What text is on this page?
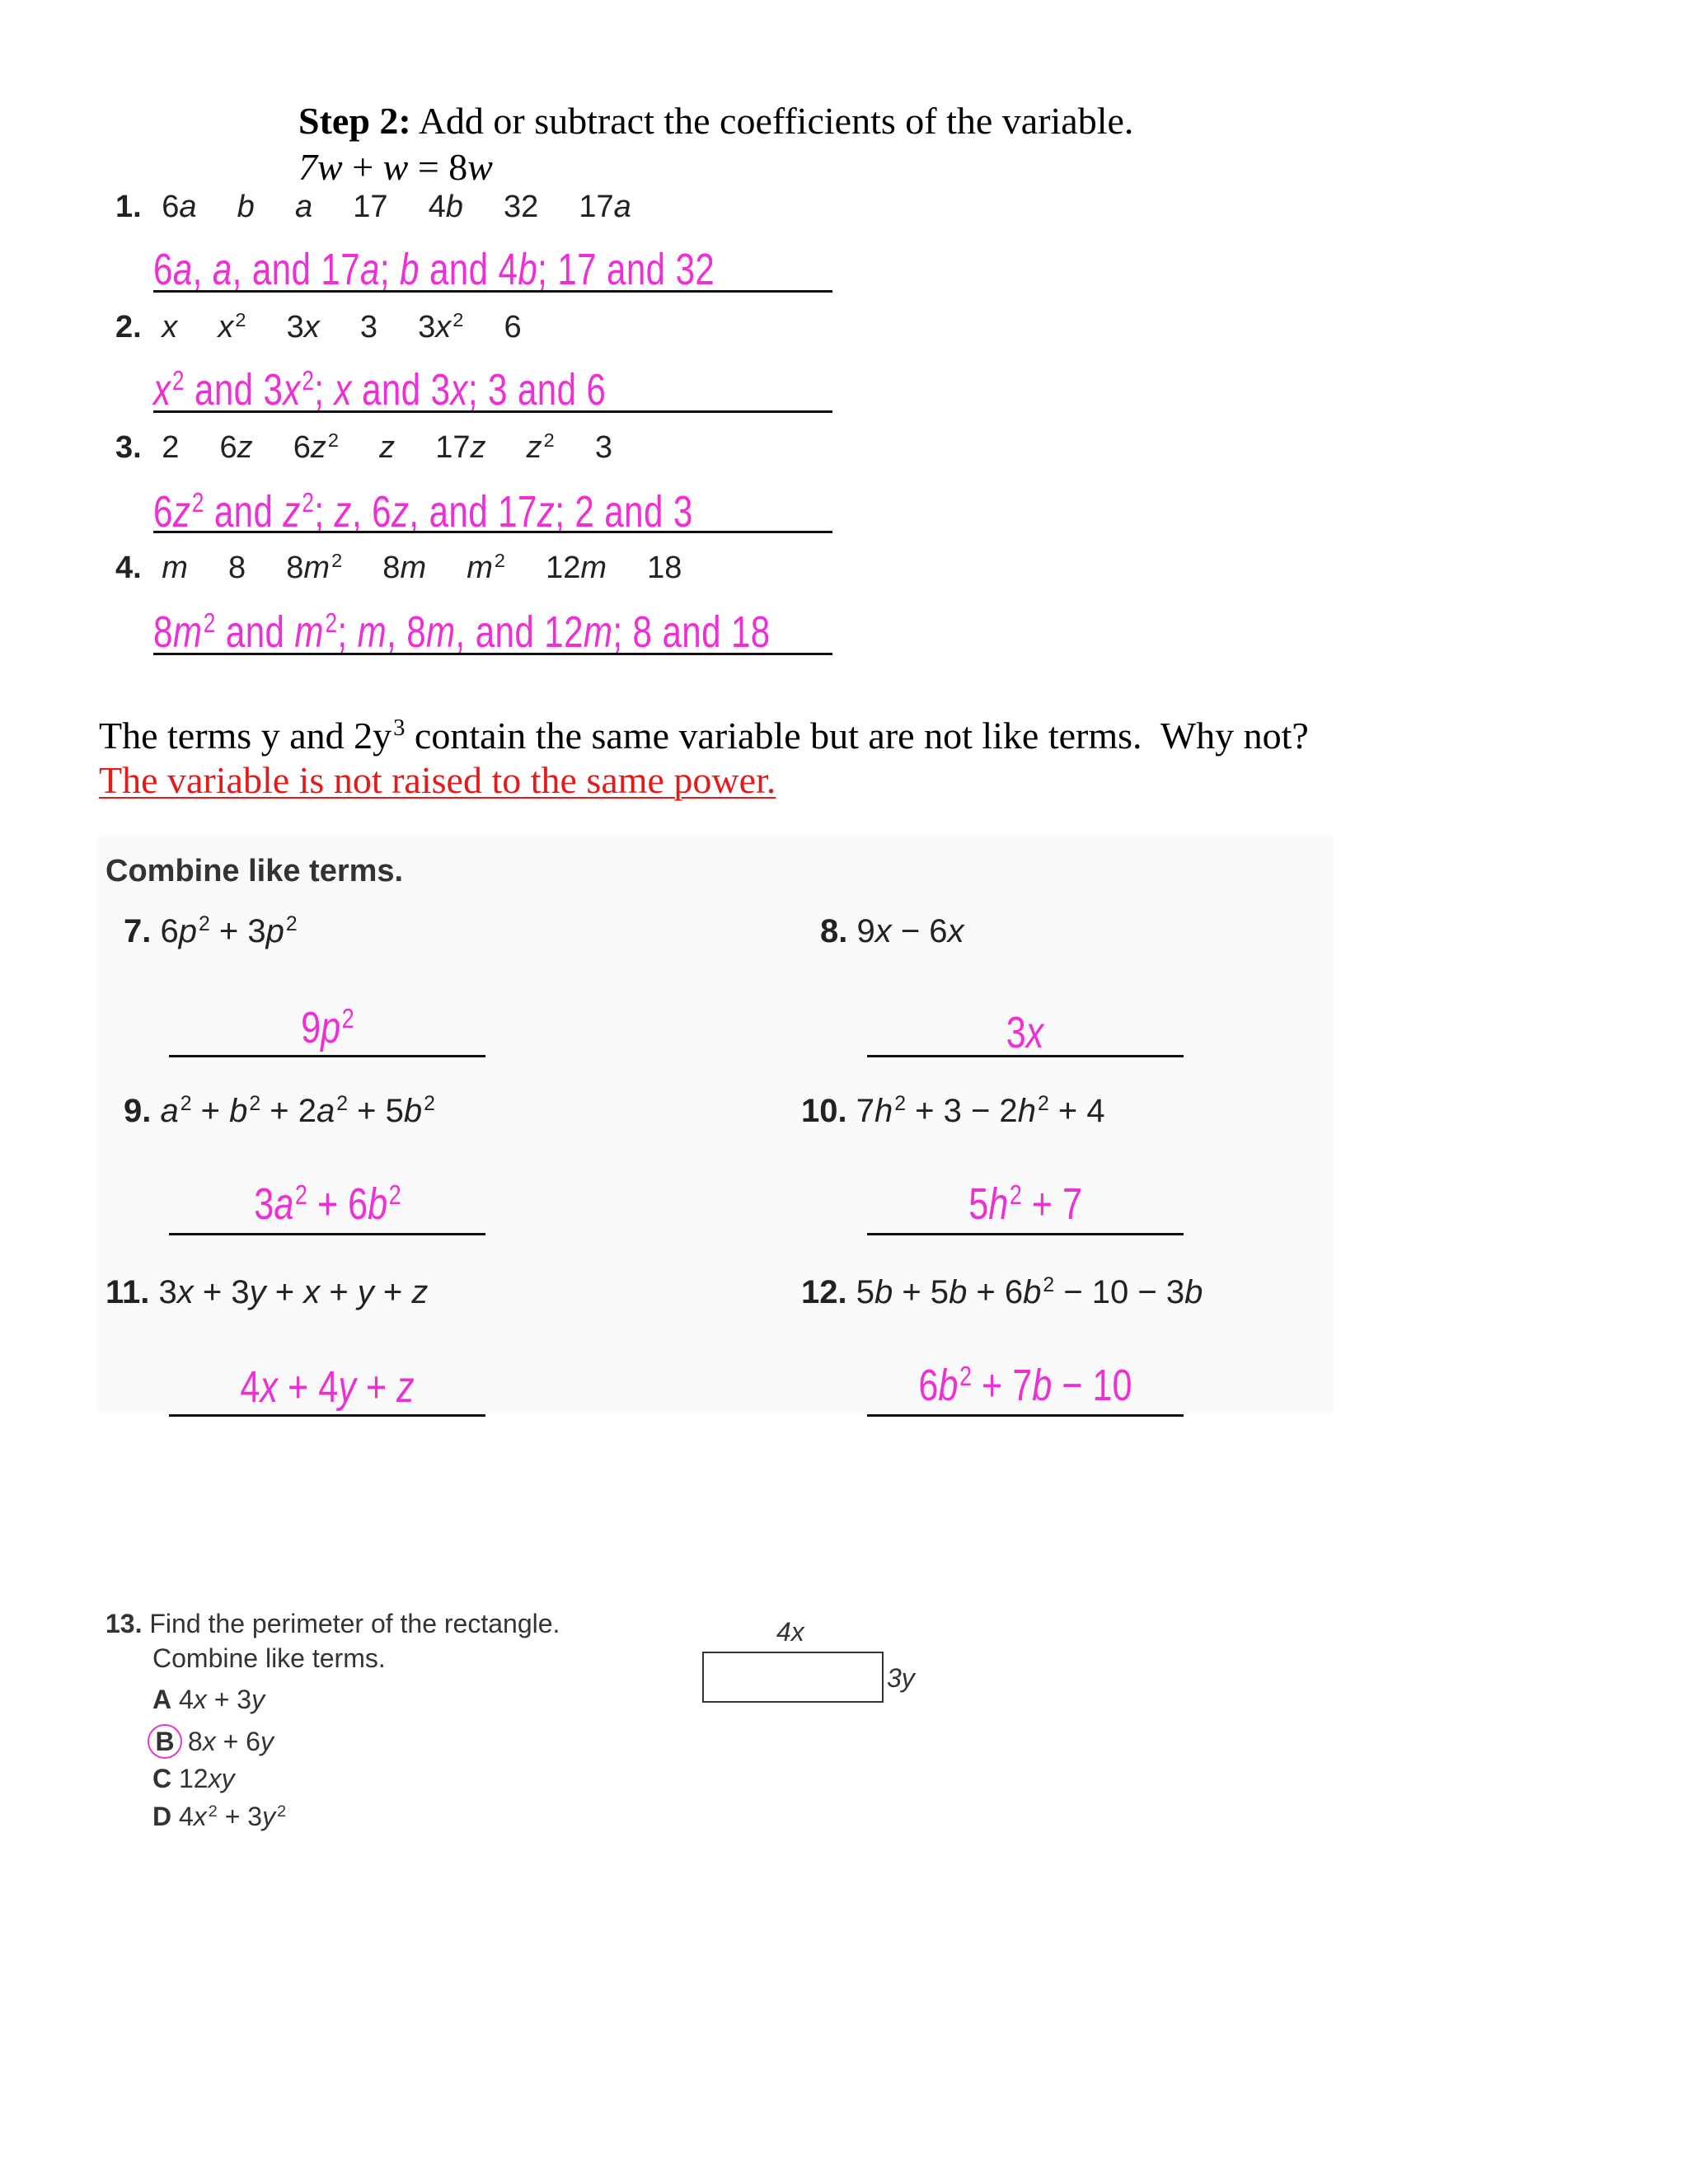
Step 2: Add or subtract the coefficients of the variable.
7w + w = 8w
1. 6a b a  17  4b  32  17a
6a, a, and 17a; b and 4b; 17 and 32
2. x $x^2$  3x  3  $3x^2$  6
$x^2$ and $3x^2$; x and 3x; 3 and 6
3. 2  6z  $6z^2$ z  17z $z^2$  3
$6z^2$ and $z^2$; z, 6z, and 17z; 2 and 3
4. m  8  $8m^2$  8m $m^2$  12m  18
$8m^2$ and $m^2$; m, 8m, and 12m; 8 and 18
The terms y and $2y^3$ contain the same variable but are not like terms.  Why not?
The variable is not raised to the same power.
Combine like terms.
7. $6p^2 + 3p^2$
$9p^2$
8. 9x − 6x
3x
9. $a^2 + b^2 + 2a^2 + 5b^2$
$3a^2 + 6b^2$
10. $7h^2 + 3 - 2h^2 + 4$
$5h^2 + 7$
11. 3x + 3y + x + y + z
4x + 4y + z
12. $5b + 5b + 6b^2 - 10 - 3b$
$6b^2 + 7b - 10$
13. Find the perimeter of the rectangle.
Combine like terms.
A 4x + 3y
B 8x + 6y
C 12xy
D 4x $^2$ + 3y $^2$
4x
3y
